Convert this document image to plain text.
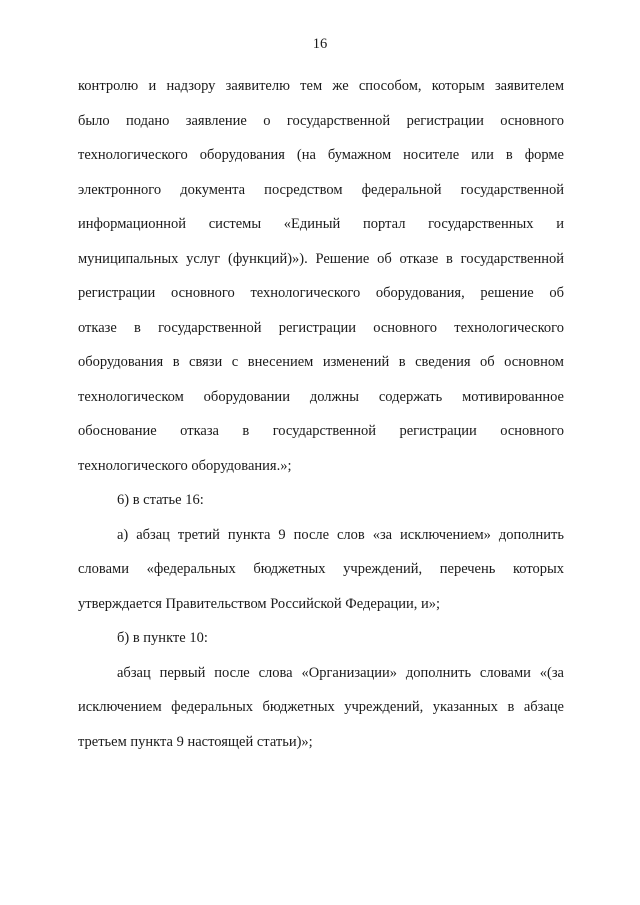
16
контролю и надзору заявителю тем же способом, которым заявителем
было подано заявление о государственной регистрации основного
технологического оборудования (на бумажном носителе или в форме
электронного документа посредством федеральной государственной
информационной системы «Единый портал государственных и
муниципальных услуг (функций)»). Решение об отказе в государственной
регистрации основного технологического оборудования, решение об
отказе в государственной регистрации основного технологического
оборудования в связи с внесением изменений в сведения об основном
технологическом оборудовании должны содержать мотивированное
обоснование отказа в государственной регистрации основного
технологического оборудования.»;
6) в статье 16:
а) абзац третий пункта 9 после слов «за исключением» дополнить
словами «федеральных бюджетных учреждений, перечень которых
утверждается Правительством Российской Федерации, и»;
б) в пункте 10:
абзац первый после слова «Организации» дополнить словами «(за
исключением федеральных бюджетных учреждений, указанных в абзаце
третьем пункта 9 настоящей статьи)»;
